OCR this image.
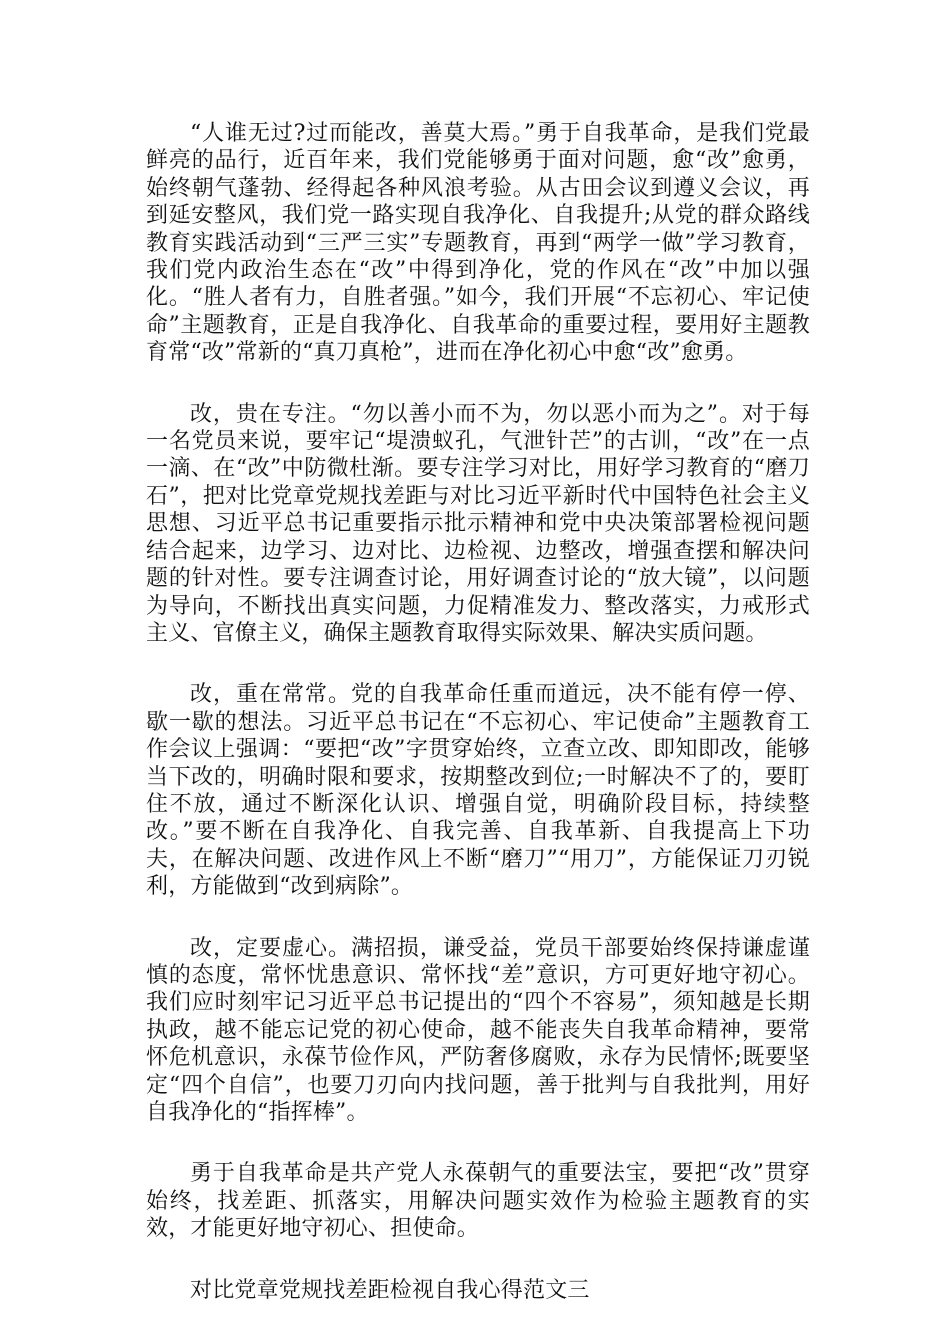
“人谁无过?过而能改，善莫大焉。”勇于自我革命，是我们党最鲜亮的品行，近百年来，我们党能够勇于面对问题，愈“改”愈勇，始终朝气蓬勃、经得起各种风浪考验。从古田会议到遵义会议，再到延安整风，我们党一路实现自我净化、自我提升;从党的群众路线教育实践活动到“三严三实”专题教育，再到“两学一做”学习教育，我们党内政治生态在“改”中得到净化，党的作风在“改”中加以强化。“胜人者有力，自胜者强。”如今，我们开展“不忘初心、牢记使命”主题教育，正是自我净化、自我革命的重要过程，要用好主题教育常“改”常新的“真刀真枪”，进而在净化初心中愈“改”愈勇。

改，贵在专注。“勿以善小而不为，勿以恶小而为之”。对于每一名党员来说，要牢记“堤溃蚁孔，气泄针芒”的古训，“改”在一点一滴、在“改”中防微杜渐。要专注学习对比，用好学习教育的“磨刀石”，把对比党章党规找差距与对比习近平新时代中国特色社会主义思想、习近平总书记重要指示批示精神和党中央决策部署检视问题结合起来，边学习、边对比、边检视、边整改，增强查摆和解决问题的针对性。要专注调查讨论，用好调查讨论的“放大镜”，以问题为导向，不断找出真实问题，力促精准发力、整改落实，力戒形式主义、官僚主义，确保主题教育取得实际效果、解决实质问题。

改，重在常常。党的自我革命任重而道远，决不能有停一停、歇一歇的想法。习近平总书记在“不忘初心、牢记使命”主题教育工作会议上强调：“要把“改”字贯穿始终，立查立改、即知即改，能够当下改的，明确时限和要求，按期整改到位;一时解决不了的，要盯住不放，通过不断深化认识、增强自觉，明确阶段目标，持续整改。”要不断在自我净化、自我完善、自我革新、自我提高上下功夫，在解决问题、改进作风上不断“磨刀”“用刀”，方能保证刀刃锐利，方能做到“改到病除”。

改，定要虚心。满招损，谦受益，党员干部要始终保持谦虚谨慎的态度，常怀忧患意识、常怀找“差”意识，方可更好地守初心。我们应时刻牢记习近平总书记提出的“四个不容易”，须知越是长期执政，越不能忘记党的初心使命，越不能丧失自我革命精神，要常怀危机意识，永葆节俭作风，严防奢侈腐败，永存为民情怀;既要坚定“四个自信”，也要刀刃向内找问题，善于批判与自我批判，用好自我净化的“指挥棒”。

勇于自我革命是共产党人永葆朝气的重要法宝，要把“改”贯穿始终，找差距、抓落实，用解决问题实效作为检验主题教育的实效，才能更好地守初心、担使命。

对比党章党规找差距检视自我心得范文三
